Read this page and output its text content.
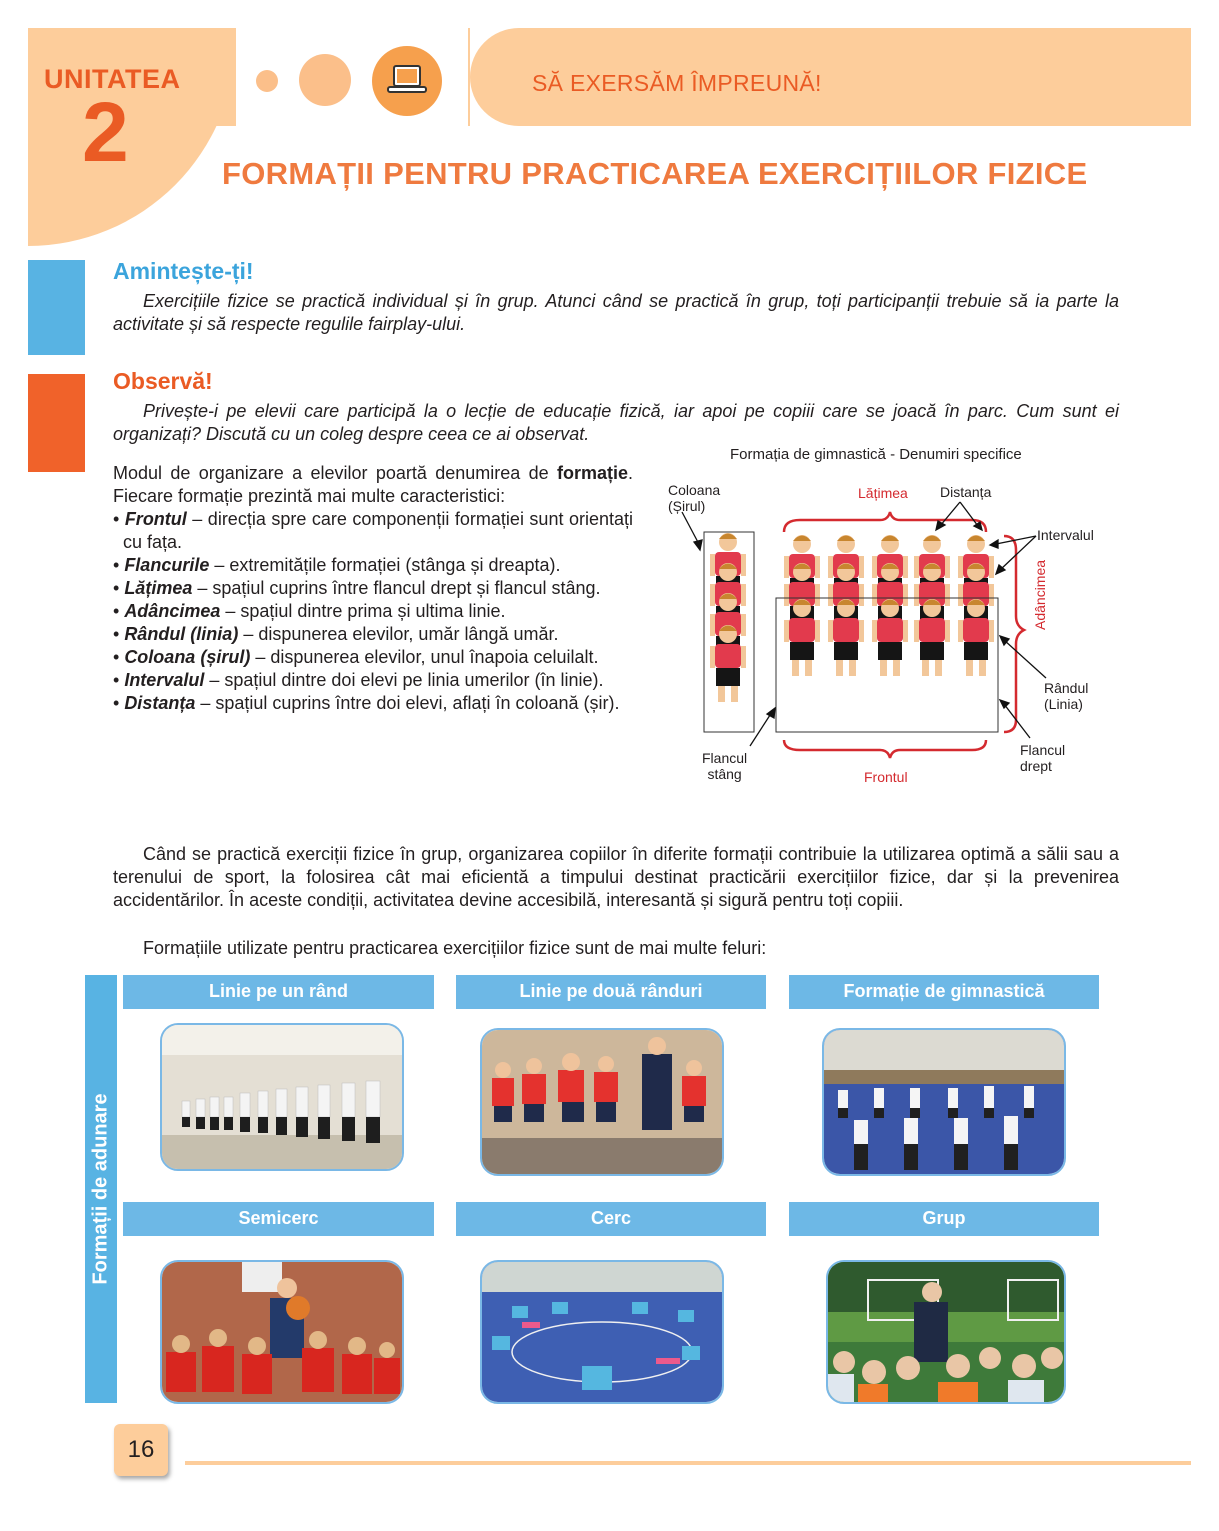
UNITATEA
2
SĂ EXERSĂM ÎMPREUNĂ!
FORMAȚII PENTRU PRACTICAREA EXERCIȚIILOR FIZICE
Amintește-ți!
Exercițiile fizice se practică individual și în grup. Atunci când se practică în grup, toți participanții trebuie să ia parte la activitate și să respecte regulile fairplay-ului.
Observă!
Privește-i pe elevii care participă la o lecție de educație fizică, iar apoi pe copiii care se joacă în parc. Cum sunt ei organizați? Discută cu un coleg despre ceea ce ai observat.
Modul de organizare a elevilor poartă denumirea de formație. Fiecare formație prezintă mai multe caracteristici:
• Frontul – direcția spre care componenții formației sunt orientați cu fața.
• Flancurile – extremitățile formației (stânga și dreapta).
• Lățimea – spațiul cuprins între flancul drept și flancul stâng.
• Adâncimea – spațiul dintre prima și ultima linie.
• Rândul (linia) – dispunerea elevilor, umăr lângă umăr.
• Coloana (șirul) – dispunerea elevilor, unul înapoia celuilalt.
• Intervalul – spațiul dintre doi elevi pe linia umerilor (în linie).
• Distanța – spațiul cuprins între doi elevi, aflați în coloană (șir).
Formația de gimnastică - Denumiri specifice
Coloana
(Șirul)
Lățimea Distanța
Intervalul
Adâncimea
Rândul
(Linia)
Flancul
stâng	Frontul
Flancul
drept
Când se practică exerciții fizice în grup, organizarea copiilor în diferite formații contribuie la utilizarea optimă a sălii sau a terenului de sport, la folosirea cât mai eficientă a timpului destinat practicării exercițiilor fizice, dar și la prevenirea accidentărilor. În aceste condiții, activitatea devine accesibilă, interesantă și sigură pentru toți copiii.
Formațiile utilizate pentru practicarea exercițiilor fizice sunt de mai multe feluri:
Formații de adunare
Linie pe un rând	Linie pe două rânduri	Formație de gimnastică
Semicerc	Cerc	Grup
16
